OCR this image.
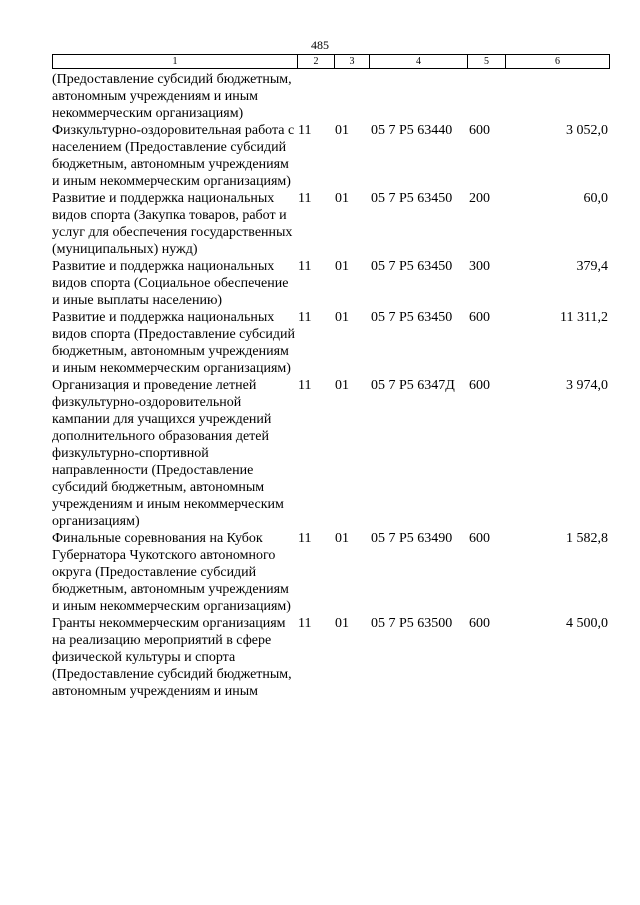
485
1	2	3	4	5	6
(Предоставление субсидий бюджетным, автономным учреждениям и иным некоммерческим организациям)					
Физкультурно-оздоровительная работа с населением (Предоставление субсидий бюджетным, автономным учреждениям и иным некоммерческим организациям)	11	01	05 7 Р5 63440	600	3 052,0
Развитие и поддержка национальных видов спорта (Закупка товаров, работ и услуг для обеспечения государственных (муниципальных) нужд)	11	01	05 7 Р5 63450	200	60,0
Развитие и поддержка национальных видов спорта (Социальное обеспечение и иные выплаты населению)	11	01	05 7 Р5 63450	300	379,4
Развитие и поддержка национальных видов спорта (Предоставление субсидий бюджетным, автономным учреждениям и иным некоммерческим организациям)	11	01	05 7 Р5 63450	600	11 311,2
Организация и проведение летней физкультурно-оздоровительной кампании для учащихся учреждений дополнительного образования детей физкультурно-спортивной направленности (Предоставление субсидий бюджетным, автономным учреждениям и иным некоммерческим организациям)	11	01	05 7 Р5 6347Д	600	3 974,0
Финальные соревнования на Кубок Губернатора Чукотского автономного округа (Предоставление субсидий бюджетным, автономным учреждениям и иным некоммерческим организациям)	11	01	05 7 Р5 63490	600	1 582,8
Гранты некоммерческим организациям на реализацию мероприятий в сфере физической культуры и спорта (Предоставление субсидий бюджетным, автономным учреждениям и иным	11	01	05 7 Р5 63500	600	4 500,0
